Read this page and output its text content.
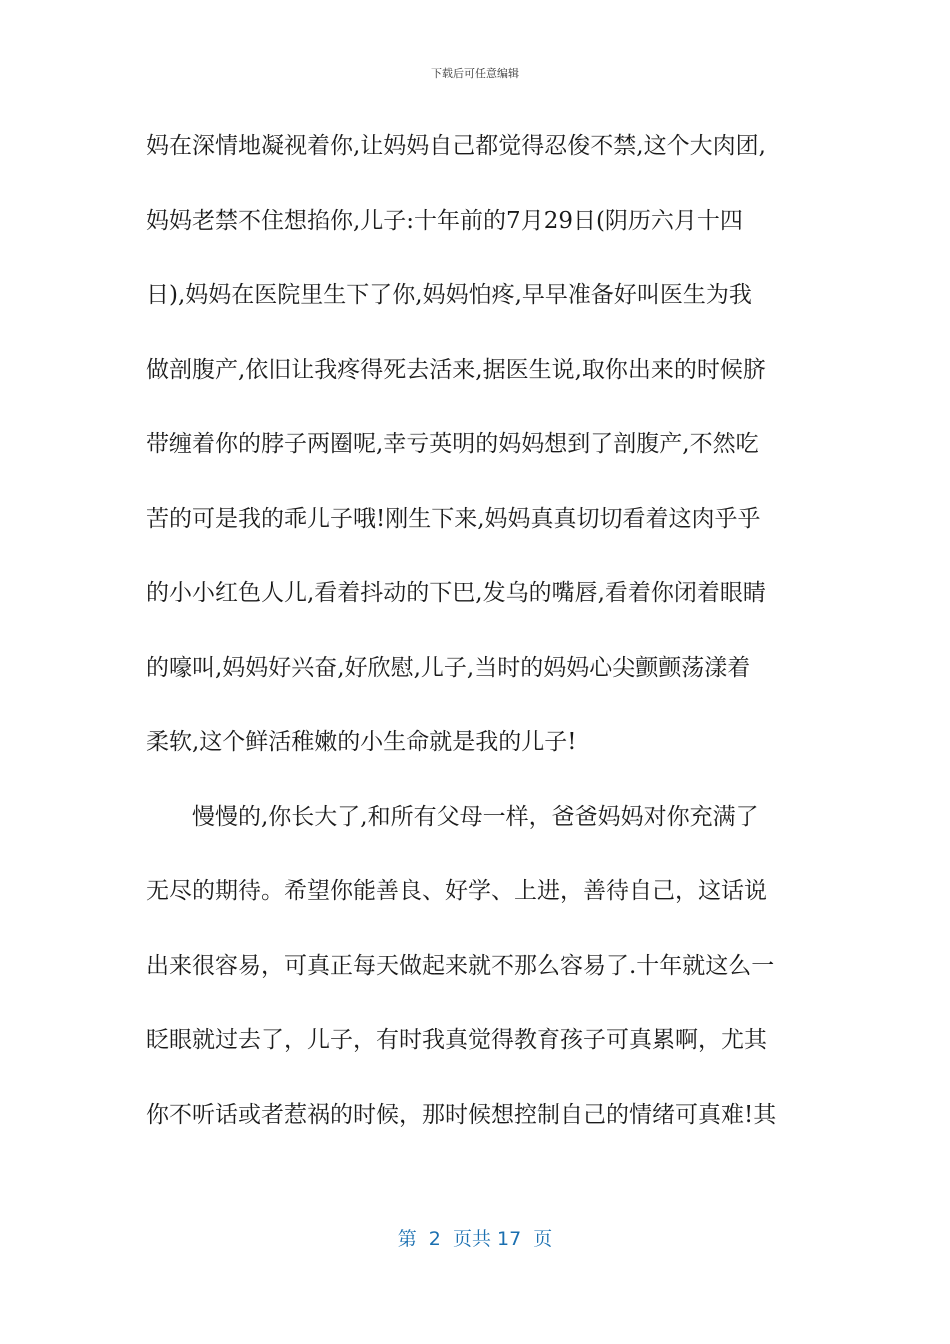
下载后可任意编辑
妈在深情地凝视着你,让妈妈自己都觉得忍俊不禁,这个大肉团,
妈妈老禁不住想掐你,儿子:十年前的7月29日(阴历六月十四
日),妈妈在医院里生下了你,妈妈怕疼,早早准备好叫医生为我
做剖腹产,依旧让我疼得死去活来,据医生说,取你出来的时候脐
带缠着你的脖子两圈呢,幸亏英明的妈妈想到了剖腹产,不然吃
苦的可是我的乖儿子哦!刚生下来,妈妈真真切切看着这肉乎乎
的小小红色人儿,看着抖动的下巴,发乌的嘴唇,看着你闭着眼睛
的嚎叫,妈妈好兴奋,好欣慰,儿子,当时的妈妈心尖颤颤荡漾着
柔软,这个鲜活稚嫩的小生命就是我的儿子!
慢慢的,你长大了,和所有父母一样，爸爸妈妈对你充满了
无尽的期待。希望你能善良、好学、上进，善待自己，这话说
出来很容易，可真正每天做起来就不那么容易了.十年就这么一
眨眼就过去了，儿子，有时我真觉得教育孩子可真累啊，尤其
你不听话或者惹祸的时候，那时候想控制自己的情绪可真难!其
第  2  页共 17  页
